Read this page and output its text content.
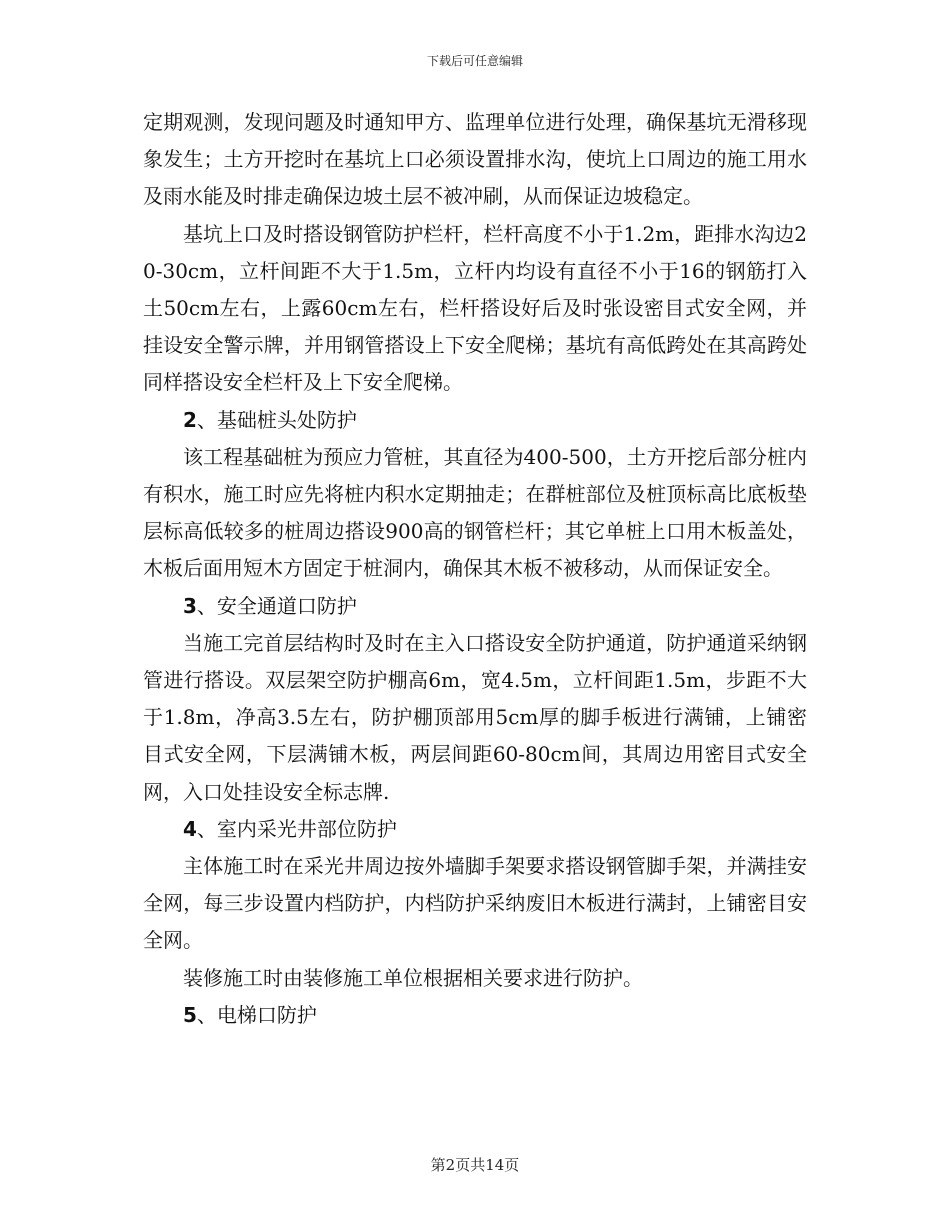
下载后可任意编辑

定期观测，发现问题及时通知甲方、监理单位进行处理，确保基坑无滑移现象发生；土方开挖时在基坑上口必须设置排水沟，使坑上口周边的施工用水及雨水能及时排走确保边坡土层不被冲刷，从而保证边坡稳定。

基坑上口及时搭设钢管防护栏杆，栏杆高度不小于1.2m，距排水沟边20-30cm，立杆间距不大于1.5m，立杆内均设有直径不小于16的钢筋打入土50cm左右，上露60cm左右，栏杆搭设好后及时张设密目式安全网，并挂设安全警示牌，并用钢管搭设上下安全爬梯；基坑有高低跨处在其高跨处同样搭设安全栏杆及上下安全爬梯。

2、基础桩头处防护

该工程基础桩为预应力管桩，其直径为400-500，土方开挖后部分桩内有积水，施工时应先将桩内积水定期抽走；在群桩部位及桩顶标高比底板垫层标高低较多的桩周边搭设900高的钢管栏杆；其它单桩上口用木板盖处，木板后面用短木方固定于桩洞内，确保其木板不被移动，从而保证安全。

3、安全通道口防护

当施工完首层结构时及时在主入口搭设安全防护通道，防护通道采纳钢管进行搭设。双层架空防护棚高6m，宽4.5m，立杆间距1.5m，步距不大于1.8m，净高3.5左右，防护棚顶部用5cm厚的脚手板进行满铺，上铺密目式安全网，下层满铺木板，两层间距60-80cm间，其周边用密目式安全网，入口处挂设安全标志牌.

4、室内采光井部位防护

主体施工时在采光井周边按外墙脚手架要求搭设钢管脚手架，并满挂安全网，每三步设置内档防护，内档防护采纳废旧木板进行满封，上铺密目安全网。

装修施工时由装修施工单位根据相关要求进行防护。

5、电梯口防护

第2页共14页
